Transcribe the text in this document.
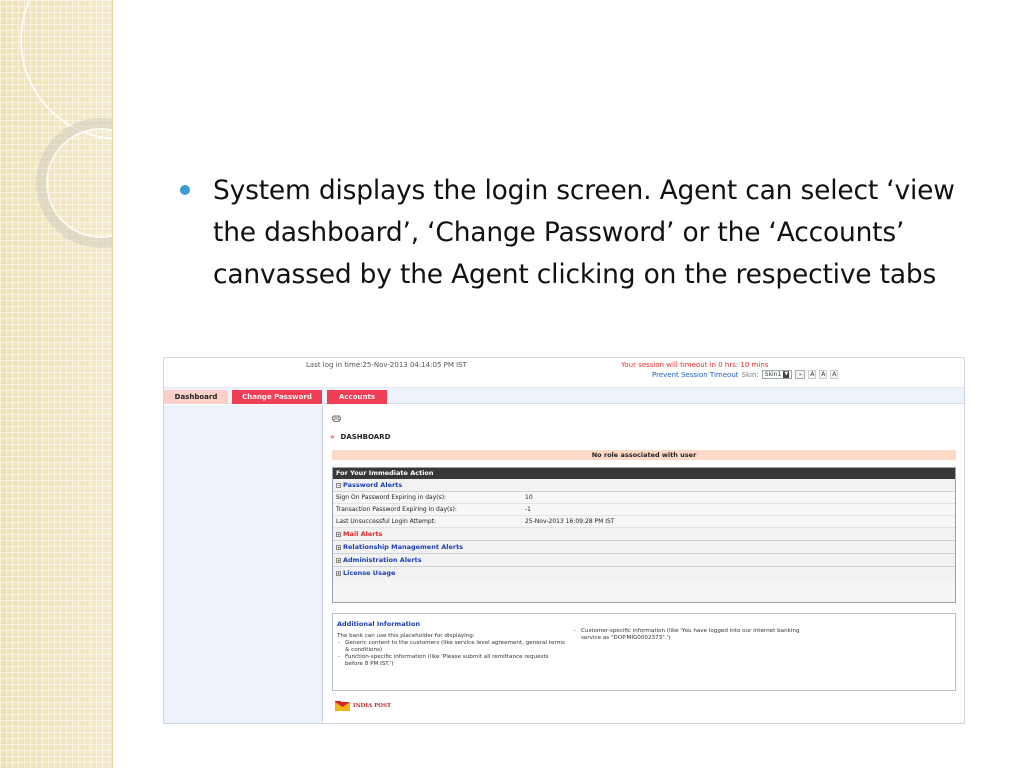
System displays the login screen. Agent can select ‘view the dashboard’, ‘Change Password’ or the ‘Accounts’ canvassed by the Agent clicking on the respective tabs

Last log in time:25-Nov-2013 04:14:05 PM IST	Your session will timeout in 0 hrs: 10 mins
Prevent Session Timeout Skin: Skin1 ▼	»	A	A	A
Dashboard	Change Password	Accounts
» DASHBOARD
No role associated with user
For Your Immediate Action
− Password Alerts
Sign On Password Expiring in day(s):	10
Transaction Password Expiring in day(s):	-1
Last Unsuccessful Login Attempt:	25-Nov-2013 16:09:28 PM IST
+ Mail Alerts
+ Relationship Management Alerts
+ Administration Alerts
+ License Usage
Additional Information
The bank can use this placeholder for displaying:
- Generic content to the customers (like service level agreement, general terms & conditions)
- Function-specific information (like 'Please submit all remittance requests before 8 PM IST.')
- Customer-specific information (like 'You have logged into our internet banking service as "DOP.MIG0002373".')
INDIA POST
